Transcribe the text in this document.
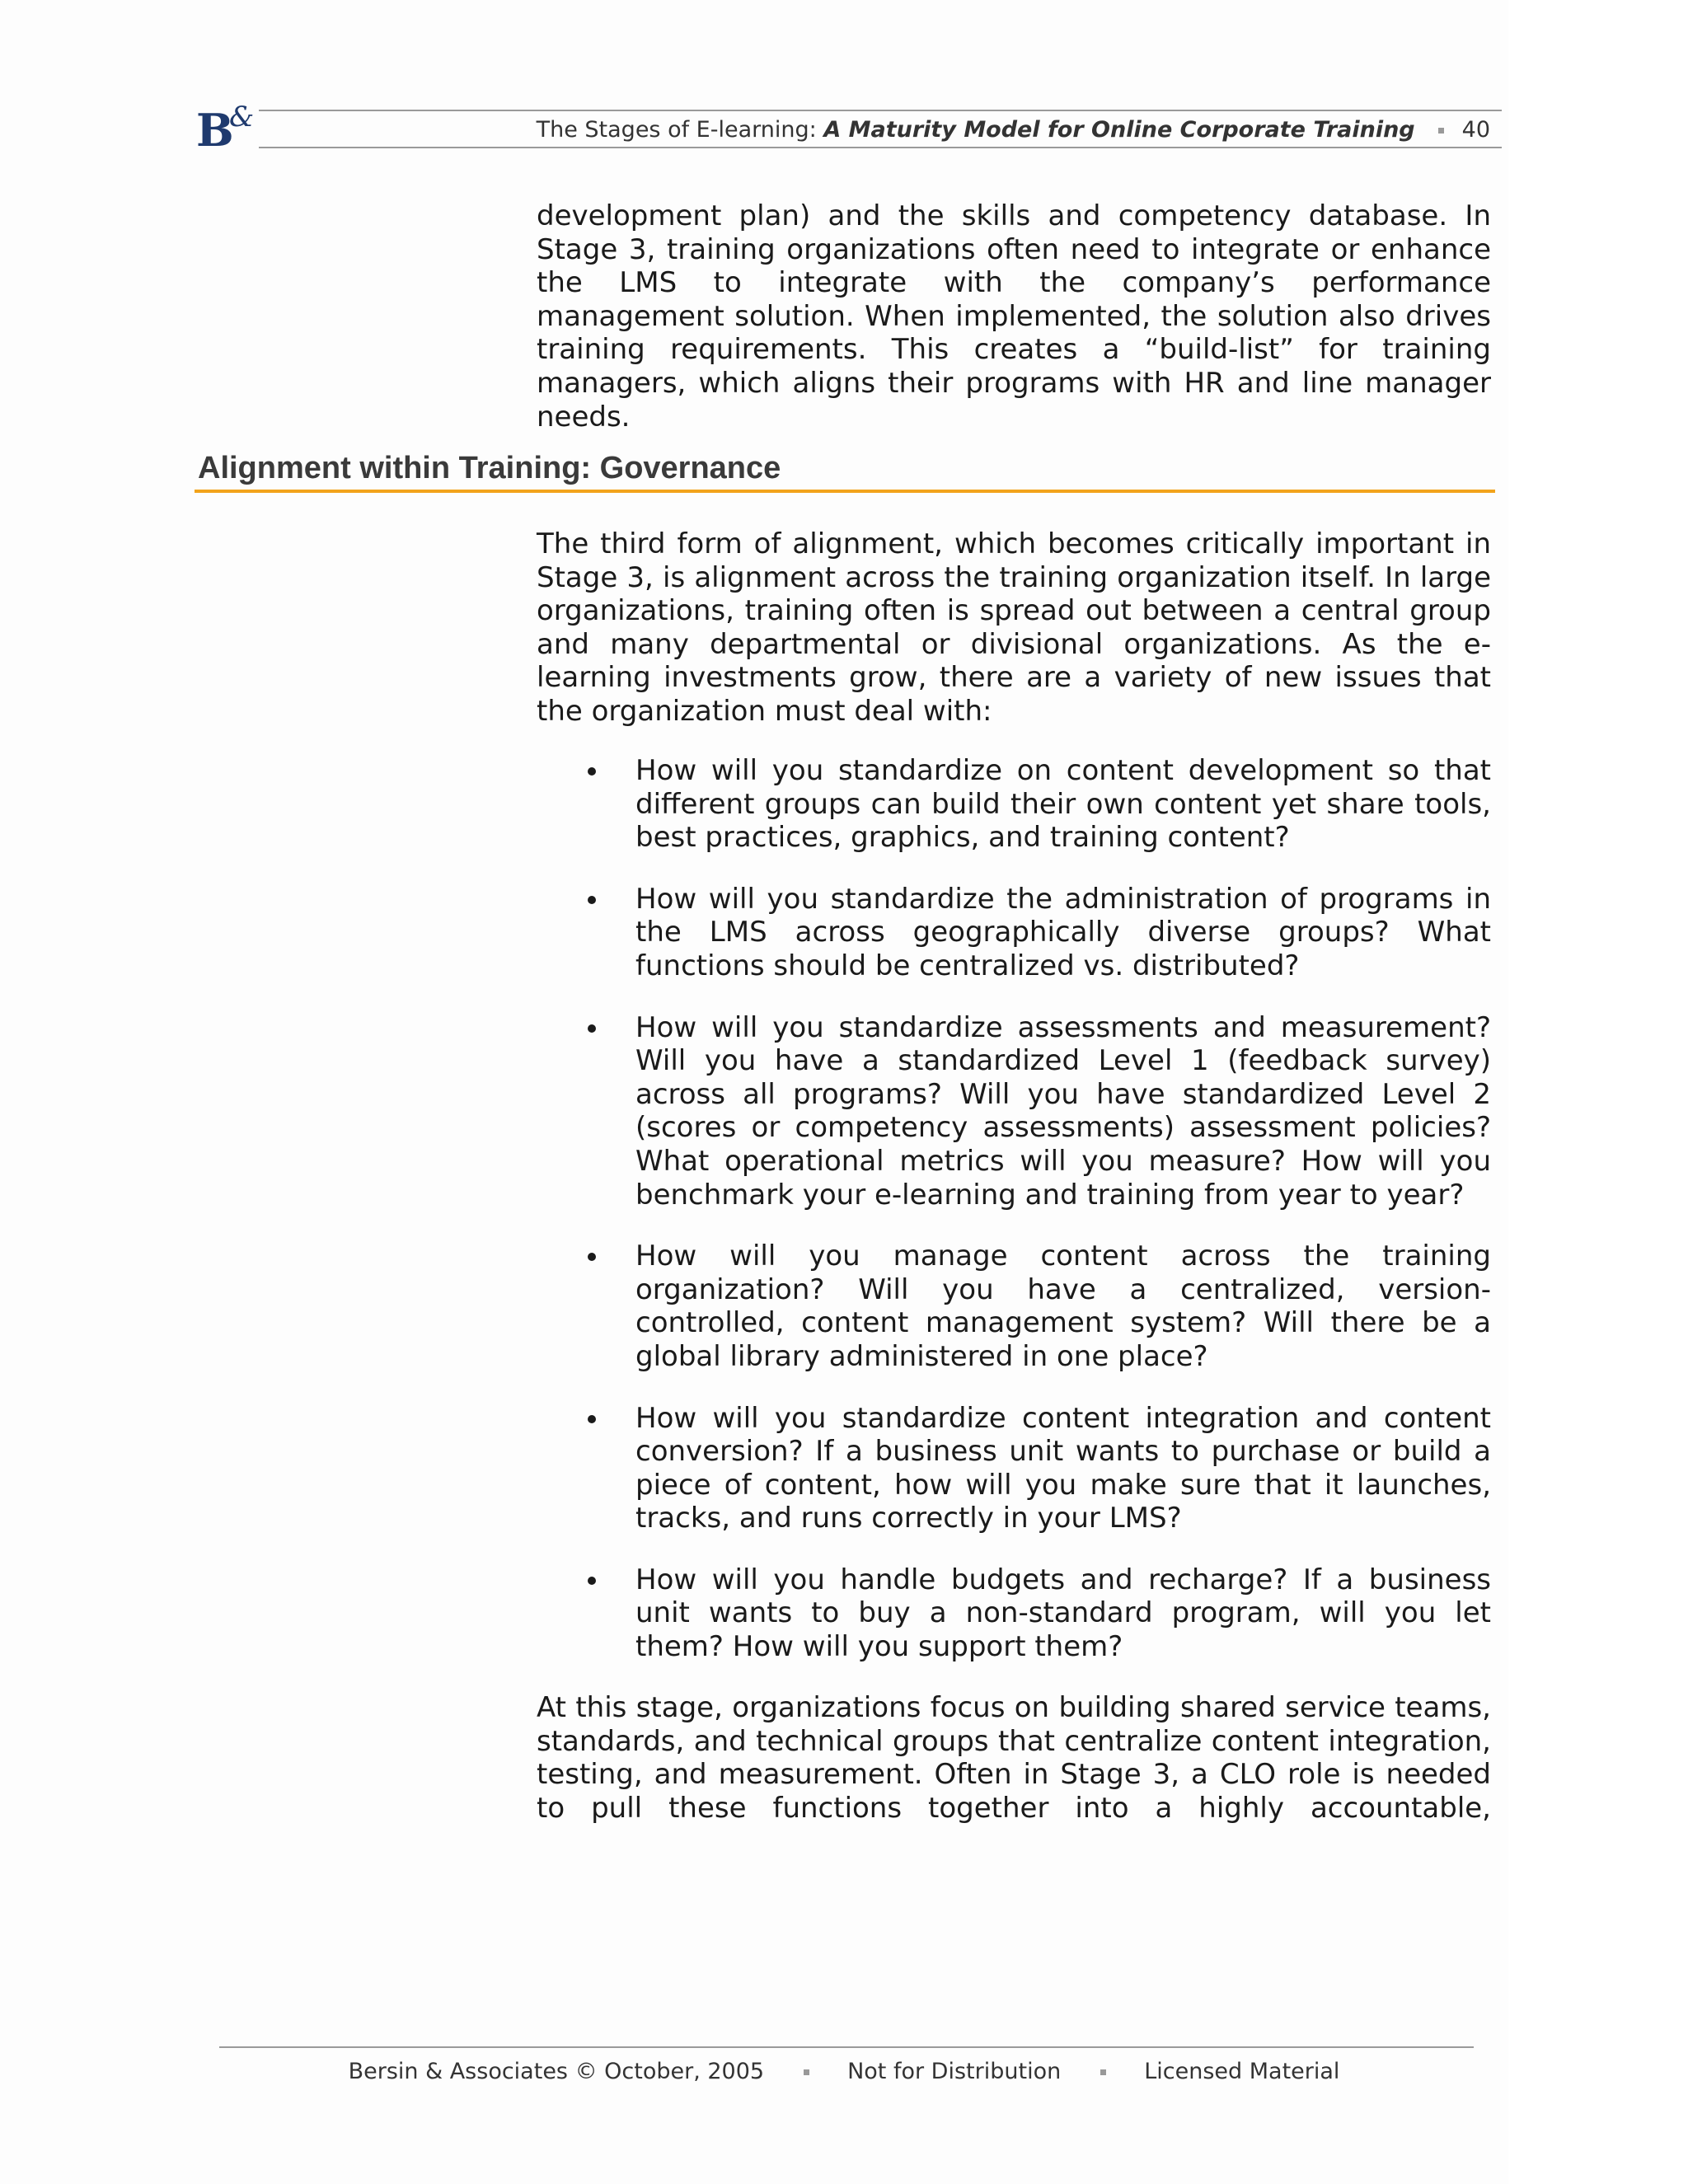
B
&	The Stages of E-learning: A Maturity Model for Online Corporate Training 40

development plan) and the skills and competency database. In Stage 3, training organizations often need to integrate or enhance the LMS to integrate with the company’s performance management solution. When implemented, the solution also drives training requirements. This creates a “build-list” for training managers, which aligns their programs with HR and line manager needs.

Alignment within Training: Governance

The third form of alignment, which becomes critically important in Stage 3, is alignment across the training organization itself. In large organizations, training often is spread out between a central group and many departmental or divisional organizations. As the e-learning investments grow, there are a variety of new issues that the organization must deal with:

How will you standardize on content development so that different groups can build their own content yet share tools, best practices, graphics, and training content?
How will you standardize the administration of programs in the LMS across geographically diverse groups? What functions should be centralized vs. distributed?
How will you standardize assessments and measurement? Will you have a standardized Level 1 (feedback survey) across all programs? Will you have standardized Level 2 (scores or competency assessments) assessment policies? What operational metrics will you measure? How will you benchmark your e-learning and training from year to year?
How will you manage content across the training organization? Will you have a centralized, version-controlled, content management system? Will there be a global library administered in one place?
How will you standardize content integration and content conversion? If a business unit wants to purchase or build a piece of content, how will you make sure that it launches, tracks, and runs correctly in your LMS?
How will you handle budgets and recharge? If a business unit wants to buy a non-standard program, will you let them? How will you support them?

At this stage, organizations focus on building shared service teams, standards, and technical groups that centralize content integration, testing, and measurement. Often in Stage 3, a CLO role is needed to pull these functions together into a highly accountable,

Bersin & Associates © October, 2005	Not for Distribution	Licensed Material
